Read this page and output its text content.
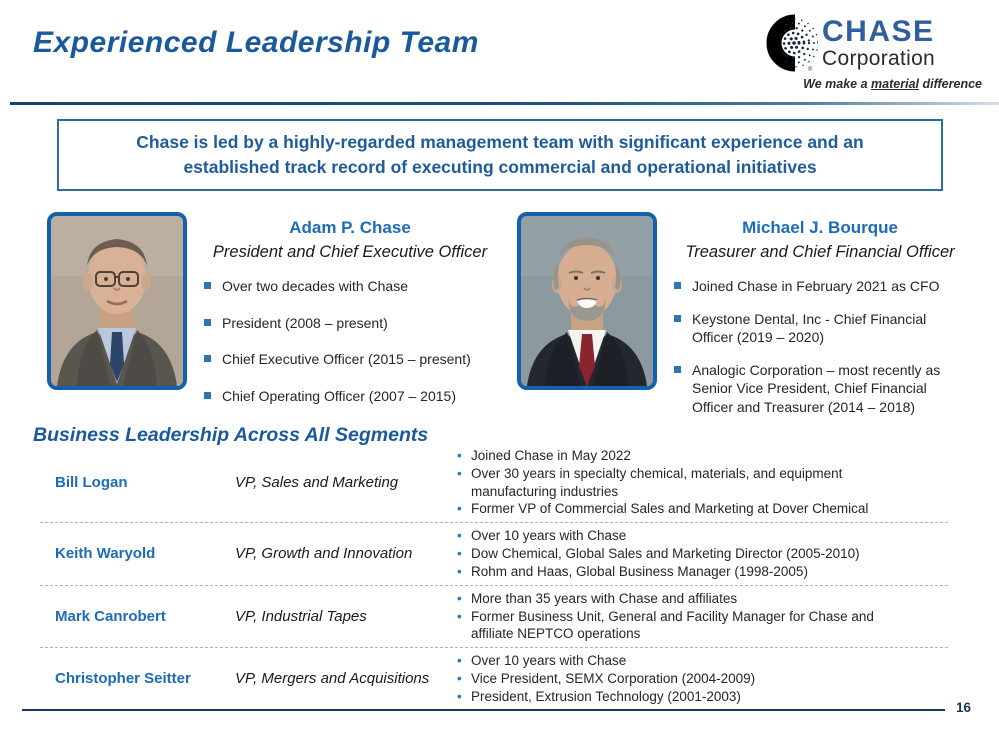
Experienced Leadership Team
®
CHASE
Corporation
We make a material difference
Chase is led by a highly-regarded management team with significant experience and an established track record of executing commercial and operational initiatives
Adam P. Chase
President and Chief Executive Officer
Over two decades with Chase
President (2008 – present)
Chief Executive Officer (2015 – present)
Chief Operating Officer (2007 – 2015)
Michael J. Bourque
Treasurer and Chief Financial Officer
Joined Chase in February 2021 as CFO
Keystone Dental, Inc - Chief Financial Officer (2019 – 2020)
Analogic Corporation – most recently as Senior Vice President, Chief Financial Officer and Treasurer (2014 – 2018)
Business Leadership Across All Segments
Bill Logan	VP, Sales and Marketing
• Joined Chase in May 2022
• Over 30 years in specialty chemical, materials, and equipment manufacturing industries
• Former VP of Commercial Sales and Marketing at Dover Chemical
Keith Waryold	VP, Growth and Innovation
• Over 10 years with Chase
• Dow Chemical, Global Sales and Marketing Director (2005-2010)
• Rohm and Haas, Global Business Manager (1998-2005)
Mark Canrobert	VP, Industrial Tapes
• More than 35 years with Chase and affiliates
• Former Business Unit, General and Facility Manager for Chase and affiliate NEPTCO operations
Christopher Seitter	VP, Mergers and Acquisitions
• Over 10 years with Chase
• Vice President, SEMX Corporation (2004-2009)
• President, Extrusion Technology (2001-2003)
16
